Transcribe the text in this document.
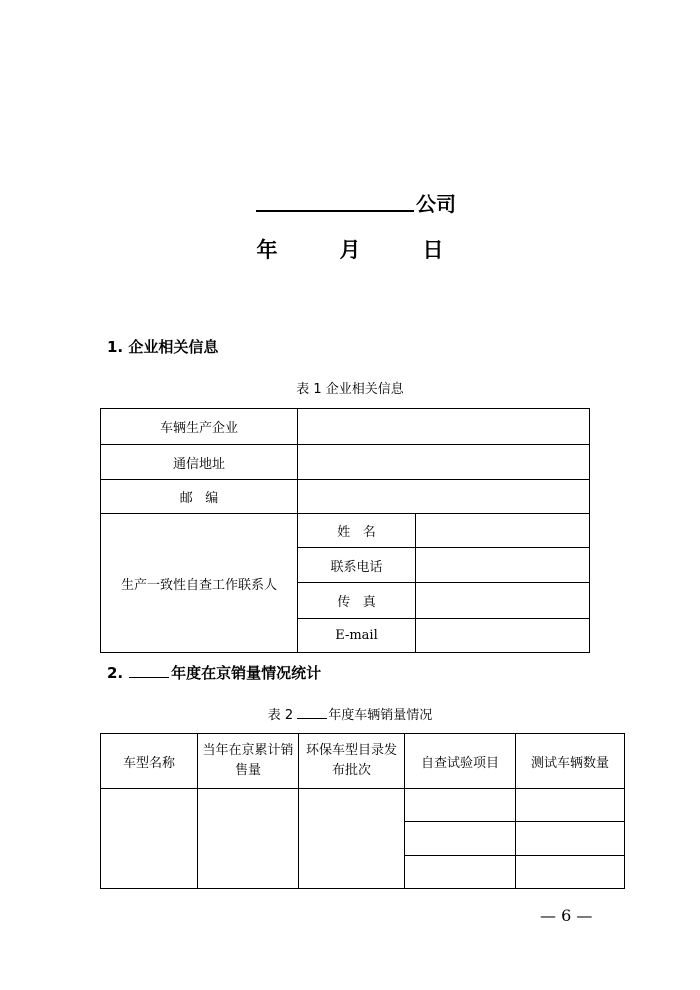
公司
年	月	日
1. 企业相关信息
表 1 企业相关信息
车辆生产企业		
通信地址		
邮   编		
生产一致性自查工作联系人	姓   名	
	联系电话	
	传   真	
	E-mail	
2.	年度在京销量情况统计
表 2	年度车辆销量情况
车型名称	当年在京累计销售量	环保车型目录发布批次	自查试验项目	测试车辆数量

— 6 —
